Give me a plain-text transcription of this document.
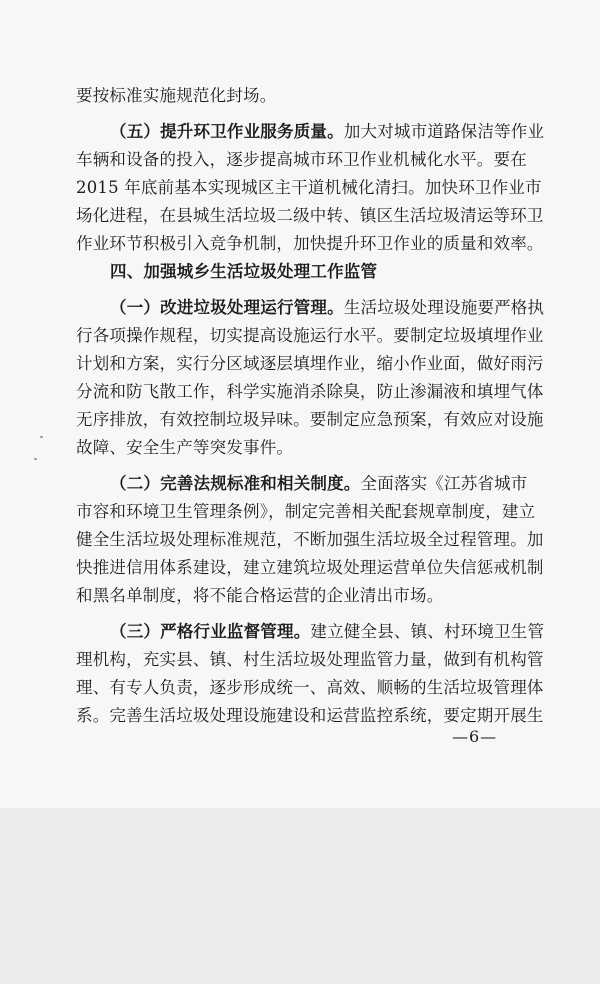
要按标准实施规范化封场。
（五）提升环卫作业服务质量。加大对城市道路保洁等作业
车辆和设备的投入，逐步提高城市环卫作业机械化水平。要在
2015 年底前基本实现城区主干道机械化清扫。加快环卫作业市
场化进程，在县城生活垃圾二级中转、镇区生活垃圾清运等环卫
作业环节积极引入竞争机制，加快提升环卫作业的质量和效率。
四、加强城乡生活垃圾处理工作监管
（一）改进垃圾处理运行管理。生活垃圾处理设施要严格执
行各项操作规程，切实提高设施运行水平。要制定垃圾填埋作业
计划和方案，实行分区域逐层填埋作业，缩小作业面，做好雨污
分流和防飞散工作，科学实施消杀除臭，防止渗漏液和填埋气体
无序排放，有效控制垃圾异味。要制定应急预案，有效应对设施
故障、安全生产等突发事件。
（二）完善法规标准和相关制度。全面落实《江苏省城市
市容和环境卫生管理条例》，制定完善相关配套规章制度，建立
健全生活垃圾处理标准规范，不断加强生活垃圾全过程管理。加
快推进信用体系建设，建立建筑垃圾处理运营单位失信惩戒机制
和黑名单制度，将不能合格运营的企业清出市场。
（三）严格行业监督管理。建立健全县、镇、村环境卫生管
理机构，充实县、镇、村生活垃圾处理监管力量，做到有机构管
理、有专人负责，逐步形成统一、高效、顺畅的生活垃圾管理体
系。完善生活垃圾处理设施建设和运营监控系统，要定期开展生
—6—
